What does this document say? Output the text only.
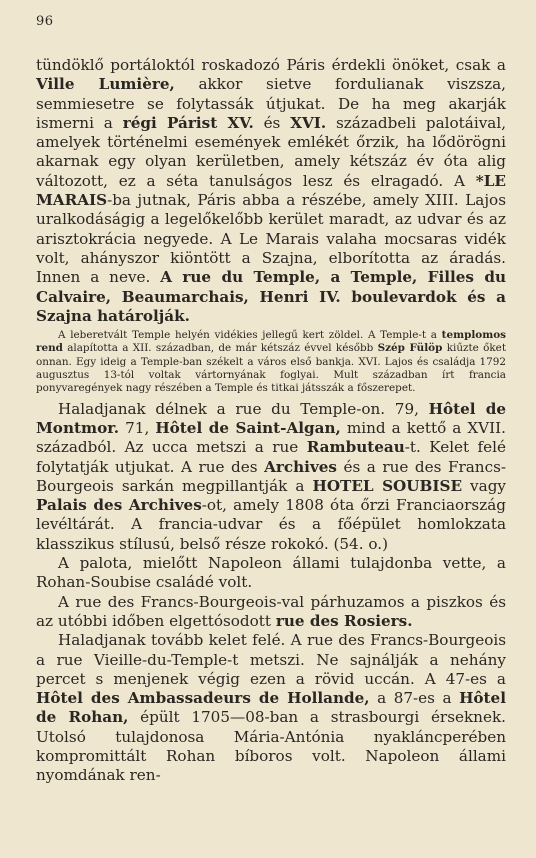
96

tündöklő portáloktól roskadozó Páris érdekli önöket, csak a Ville Lumière, akkor sietve fordulianak viszsza, semmiesetre se folytassák útjukat. De ha meg akarják ismerni a régi Párist XV. és XVI. századbeli palotáival, amelyek történelmi események emlékét őrzik, ha lődörögni akarnak egy olyan kerületben, amely kétszáz év óta alig változott, ez a séta tanulságos lesz és elragadó. A *LE MARAIS-ba jutnak, Páris abba a részébe, amely XIII. Lajos uralkodáságig a legelőkelőbb kerület maradt, az udvar és az arisztokrácia negyede. A Le Marais valaha mocsaras vidék volt, ahányszor kiöntött a Szajna, elborította az áradás. Innen a neve. A rue du Temple, a Temple, Filles du Calvaire, Beaumarchais, Henri IV. boulevardok és a Szajna határolják.

A leberetvált Temple helyén vidékies jellegű kert zöldel. A Temple-t a templomos rend alapította a XII. században, de már kétszáz évvel később Szép Fülöp kiűzte őket onnan. Egy ideig a Temple-ban székelt a város első bankja. XVI. Lajos és családja 1792 augusztus 13-tól voltak vártornyának foglyai. Mult században írt francia ponyvaregények nagy részében a Temple és titkai játsszák a főszerepet.

Haladjanak délnek a rue du Temple-on. 79, Hôtel de Montmor. 71, Hôtel de Saint-Algan, mind a kettő a XVII. századból. Az ucca metszi a rue Rambuteau-t. Kelet felé folytatják utjukat. A rue des Archives és a rue des Francs-Bourgeois sarkán megpillantják a HOTEL SOUBISE vagy Palais des Archives-ot, amely 1808 óta őrzi Franciaország levéltárát. A francia-udvar és a főépület homlokzata klasszikus stílusú, belső része rokokó. (54. o.)

A palota, mielőtt Napoleon állami tulajdonba vette, a Rohan-Soubise családé volt.

A rue des Francs-Bourgeois-val párhuzamos a piszkos és az utóbbi időben elgettósodott rue des Rosiers.

Haladjanak tovább kelet felé. A rue des Francs-Bourgeois a rue Vieille-du-Temple-t metszi. Ne sajnálják a nehány percet s menjenek végig ezen a rövid uccán. A 47-es a Hôtel des Ambassadeurs de Hollande, a 87-es a Hôtel de Rohan, épült 1705—08-ban a strasbourgi érseknek. Utolsó tulajdonosa Mária-Antónia nyakláncperében kompromittált Rohan bíboros volt. Napoleon állami nyomdának ren-
